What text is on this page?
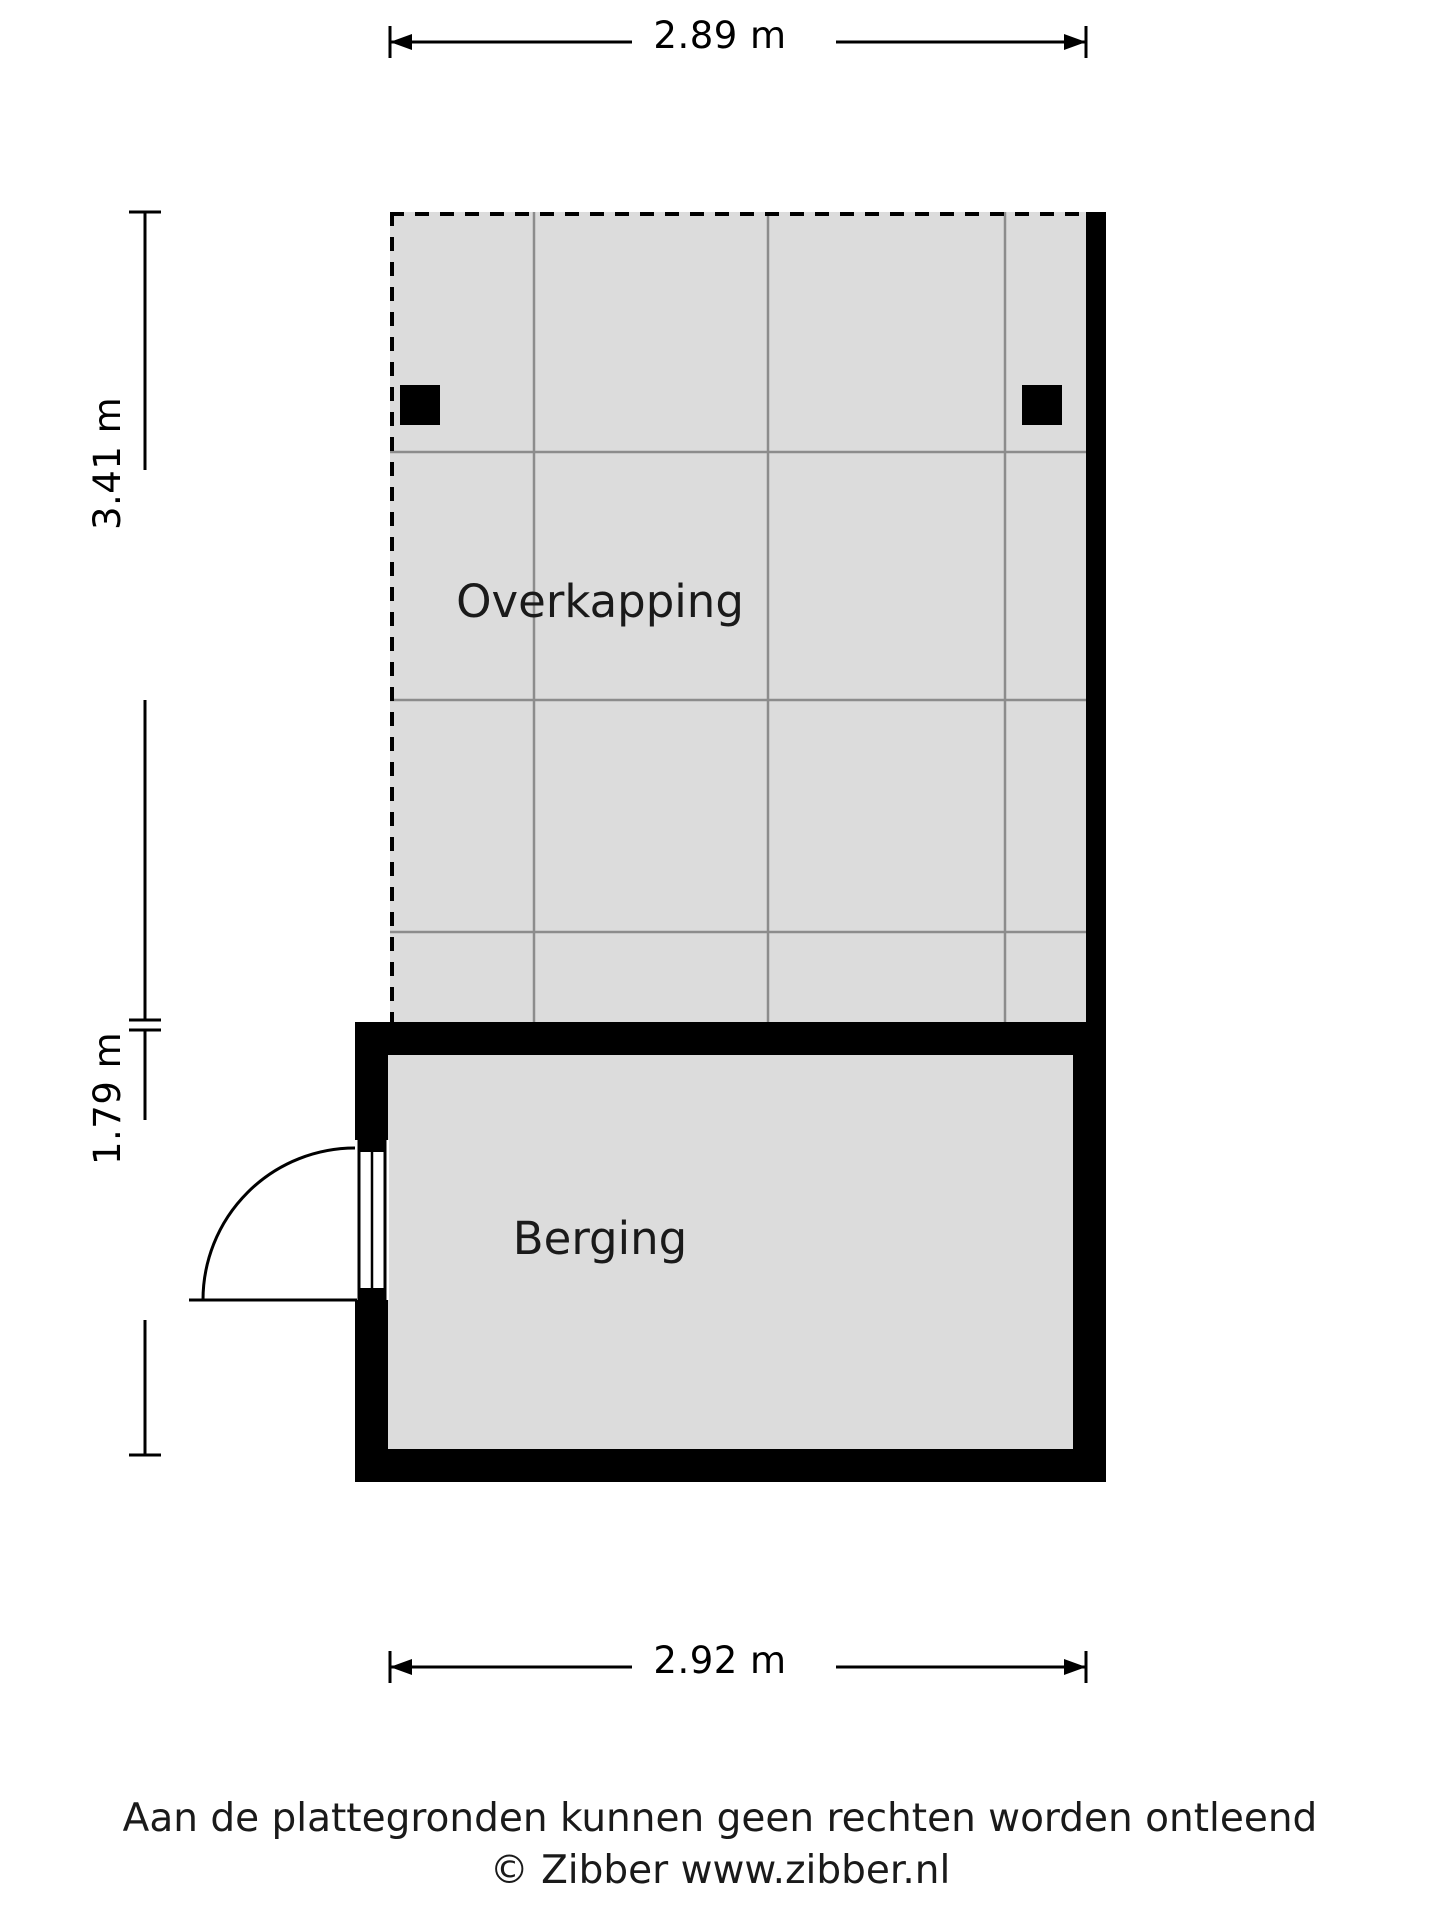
2.89 m
2.92 m
3.41 m
1.79 m
Overkapping
Berging
Aan de plattegronden kunnen geen rechten worden ontleend
© Zibber www.zibber.nl
